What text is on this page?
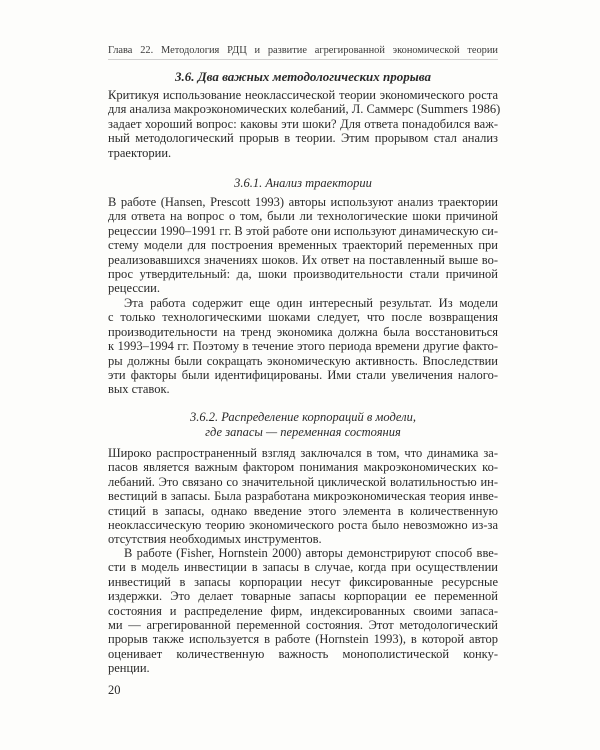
Глава 22. Методология РДЦ и развитие агрегированной экономической теории
3.6. Два важных методологических прорыва
Критикуя использование неоклассической теории экономического роста
для анализа макроэкономических колебаний, Л. Саммерс (Summers 1986)
задает хороший вопрос: каковы эти шоки? Для ответа понадобился важ-
ный методологический прорыв в теории. Этим прорывом стал анализ
траектории.
3.6.1. Анализ траектории
В работе (Hansen, Prescott 1993) авторы используют анализ траектории
для ответа на вопрос о том, были ли технологические шоки причиной
рецессии 1990–1991 гг. В этой работе они используют динамическую си-
стему модели для построения временных траекторий переменных при
реализовавшихся значениях шоков. Их ответ на поставленный выше во-
прос утвердительный: да, шоки производительности стали причиной
рецессии.
Эта работа содержит еще один интересный результат. Из модели
с только технологическими шоками следует, что после возвращения
производительности на тренд экономика должна была восстановиться
к 1993–1994 гг. Поэтому в течение этого периода времени другие факто-
ры должны были сокращать экономическую активность. Впоследствии
эти факторы были идентифицированы. Ими стали увеличения налого-
вых ставок.
3.6.2. Распределение корпораций в модели,
где запасы — переменная состояния
Широко распространенный взгляд заключался в том, что динамика за-
пасов является важным фактором понимания макроэкономических ко-
лебаний. Это связано со значительной циклической волатильностью ин-
вестиций в запасы. Была разработана микроэкономическая теория инве-
стиций в запасы, однако введение этого элемента в количественную
неоклассическую теорию экономического роста было невозможно из-за
отсутствия необходимых инструментов.
В работе (Fisher, Hornstein 2000) авторы демонстрируют способ вве-
сти в модель инвестиции в запасы в случае, когда при осуществлении
инвестиций в запасы корпорации несут фиксированные ресурсные
издержки. Это делает товарные запасы корпорации ее переменной
состояния и распределение фирм, индексированных своими запаса-
ми — агрегированной переменной состояния. Этот методологический
прорыв также используется в работе (Hornstein 1993), в которой автор
оценивает количественную важность монополистической конку-
ренции.
20
